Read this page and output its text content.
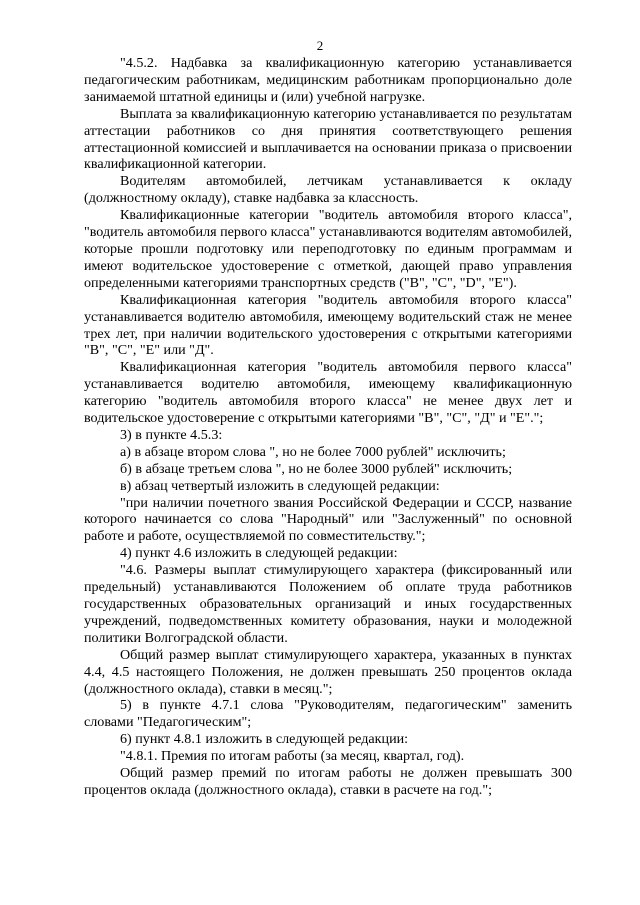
2

"4.5.2. Надбавка за квалификационную категорию устанавливается педагогическим работникам, медицинским работникам пропорционально доле занимаемой штатной единицы и (или) учебной нагрузке.

Выплата за квалификационную категорию устанавливается по результатам аттестации работников со дня принятия соответствующего решения аттестационной комиссией и выплачивается на основании приказа о присвоении квалификационной категории.

Водителям автомобилей, летчикам устанавливается к окладу (должностному окладу), ставке надбавка за классность.

Квалификационные категории "водитель автомобиля второго класса", "водитель автомобиля первого класса" устанавливаются водителям автомобилей, которые прошли подготовку или переподготовку по единым программам и имеют водительское удостоверение с отметкой, дающей право управления определенными категориями транспортных средств ("B", "C", "D", "E").

Квалификационная категория "водитель автомобиля второго класса" устанавливается водителю автомобиля, имеющему водительский стаж не менее трех лет, при наличии водительского удостоверения с открытыми категориями "B", "C", "E" или "Д".

Квалификационная категория "водитель автомобиля первого класса" устанавливается водителю автомобиля, имеющему квалификационную категорию "водитель автомобиля второго класса" не менее двух лет и водительское удостоверение с открытыми категориями "B", "C", "Д" и "E".";

3) в пункте 4.5.3:

а) в абзаце втором слова ", но не более 7000 рублей" исключить;

б) в абзаце третьем слова ", но не более 3000 рублей" исключить;

в) абзац четвертый изложить в следующей редакции:

"при наличии почетного звания Российской Федерации и СССР, название которого начинается со слова "Народный" или "Заслуженный" по основной работе и работе, осуществляемой по совместительству.";

4) пункт 4.6 изложить в следующей редакции:

"4.6. Размеры выплат стимулирующего характера (фиксированный или предельный) устанавливаются Положением об оплате труда работников государственных образовательных организаций и иных государственных учреждений, подведомственных комитету образования, науки и молодежной политики Волгоградской области.

Общий размер выплат стимулирующего характера, указанных в пунктах 4.4, 4.5 настоящего Положения, не должен превышать 250 процентов оклада (должностного оклада), ставки в месяц.";

5) в пункте 4.7.1 слова "Руководителям, педагогическим" заменить словами "Педагогическим";

6) пункт 4.8.1 изложить в следующей редакции:

"4.8.1. Премия по итогам работы (за месяц, квартал, год).

Общий размер премий по итогам работы не должен превышать 300 процентов оклада (должностного оклада), ставки в расчете на год.";
